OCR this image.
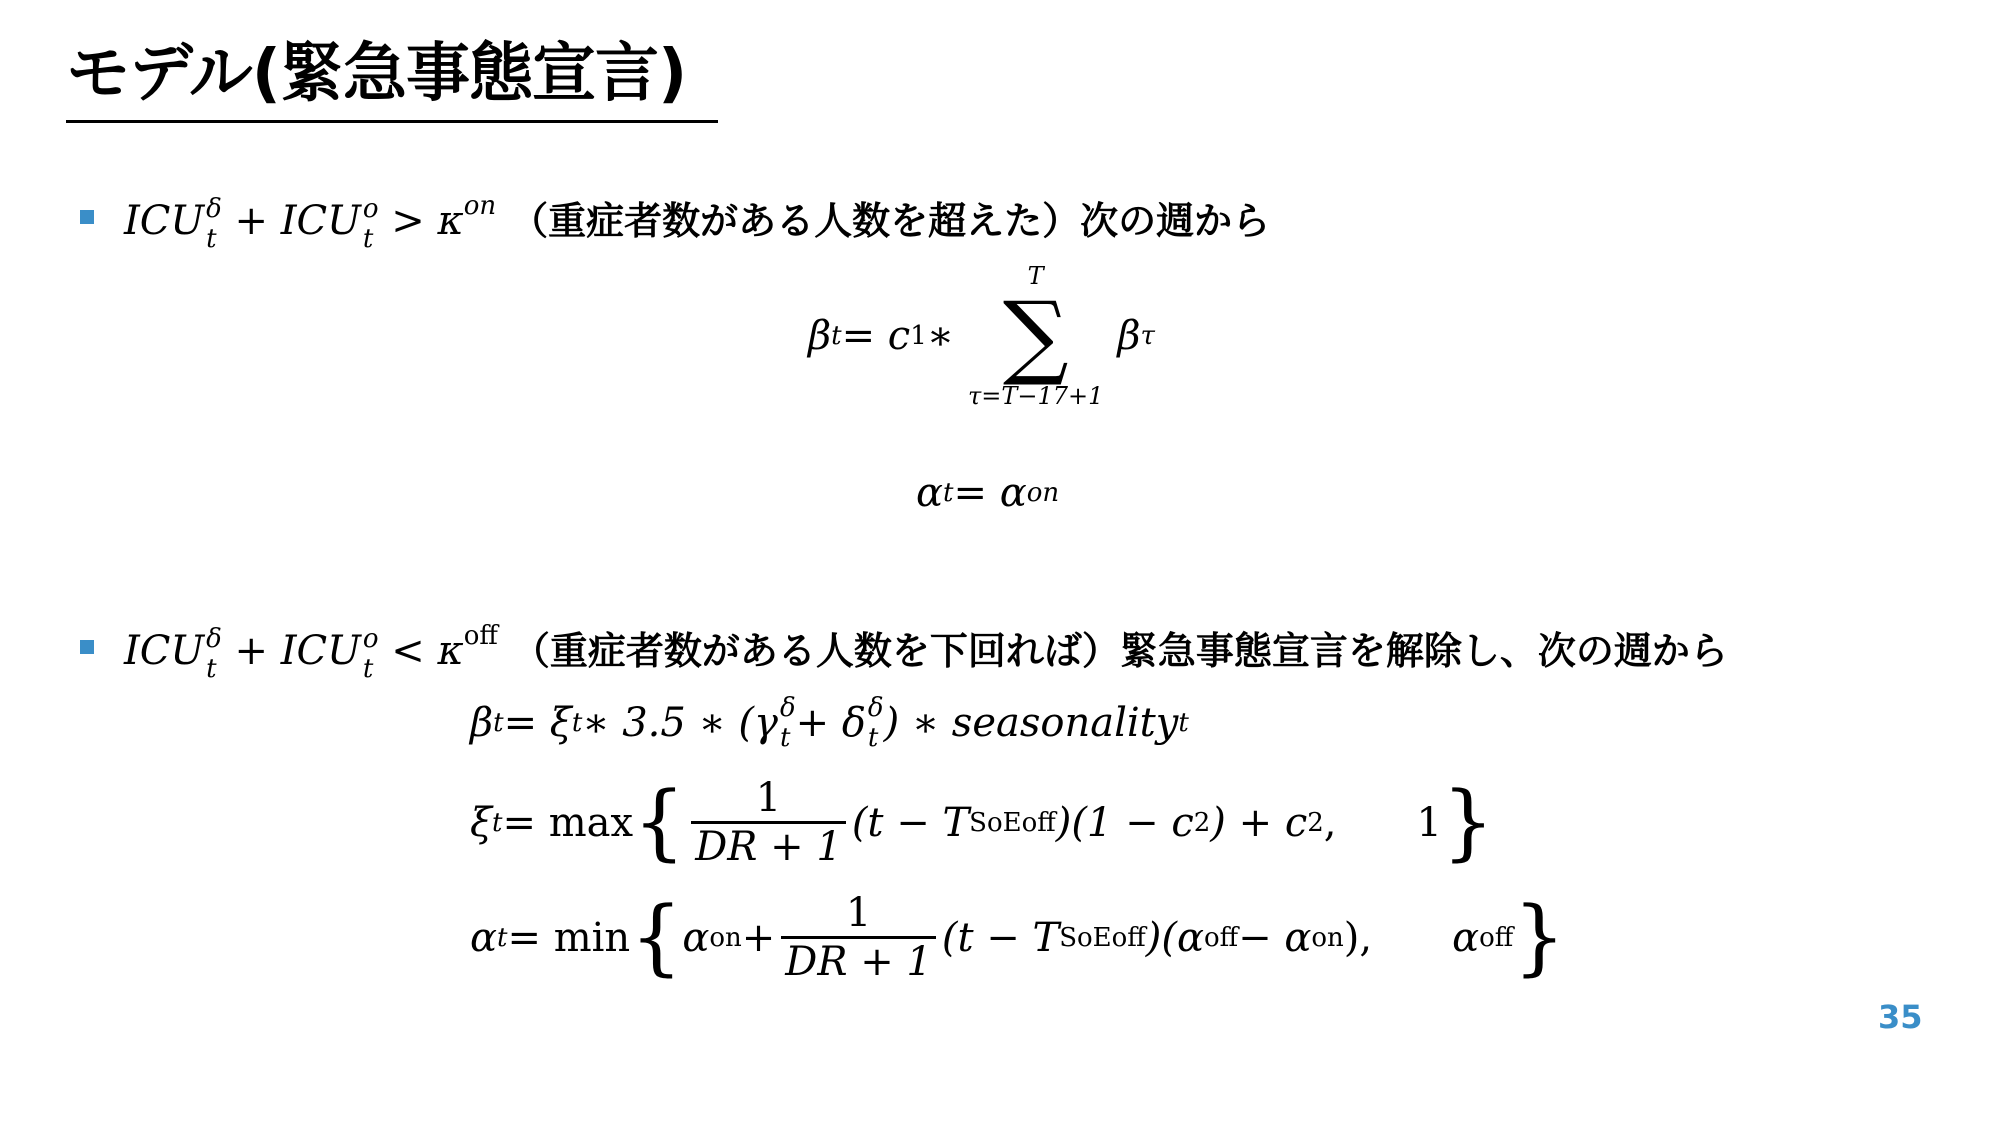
モデル(緊急事態宣言)
ICU δ
t + ICU o
$t > \kappa^{on}$ （重症者数がある人数を超えた）次の週から
β t = c 1 ∗
T
∑
τ=T−17+1
β τ
α t = α on
ICU δ
t + ICU o
$t < \kappa^{off}$ （重症者数がある人数を下回れば）緊急事態宣言を解除し、次の週から
β t = ξ t ∗ 3.5 ∗ (γ δ
t + δ δ
t ) ∗ seasonality t
ξ t = max { $\frac{1}{DR + 1} (t - T$ SoEoff )(1 − c 2 ) + c 2 , 1 }
α t = min { α on + $\frac{1}{DR + 1} (t - T$ SoEoff )(α off − α on ), α off }
35
